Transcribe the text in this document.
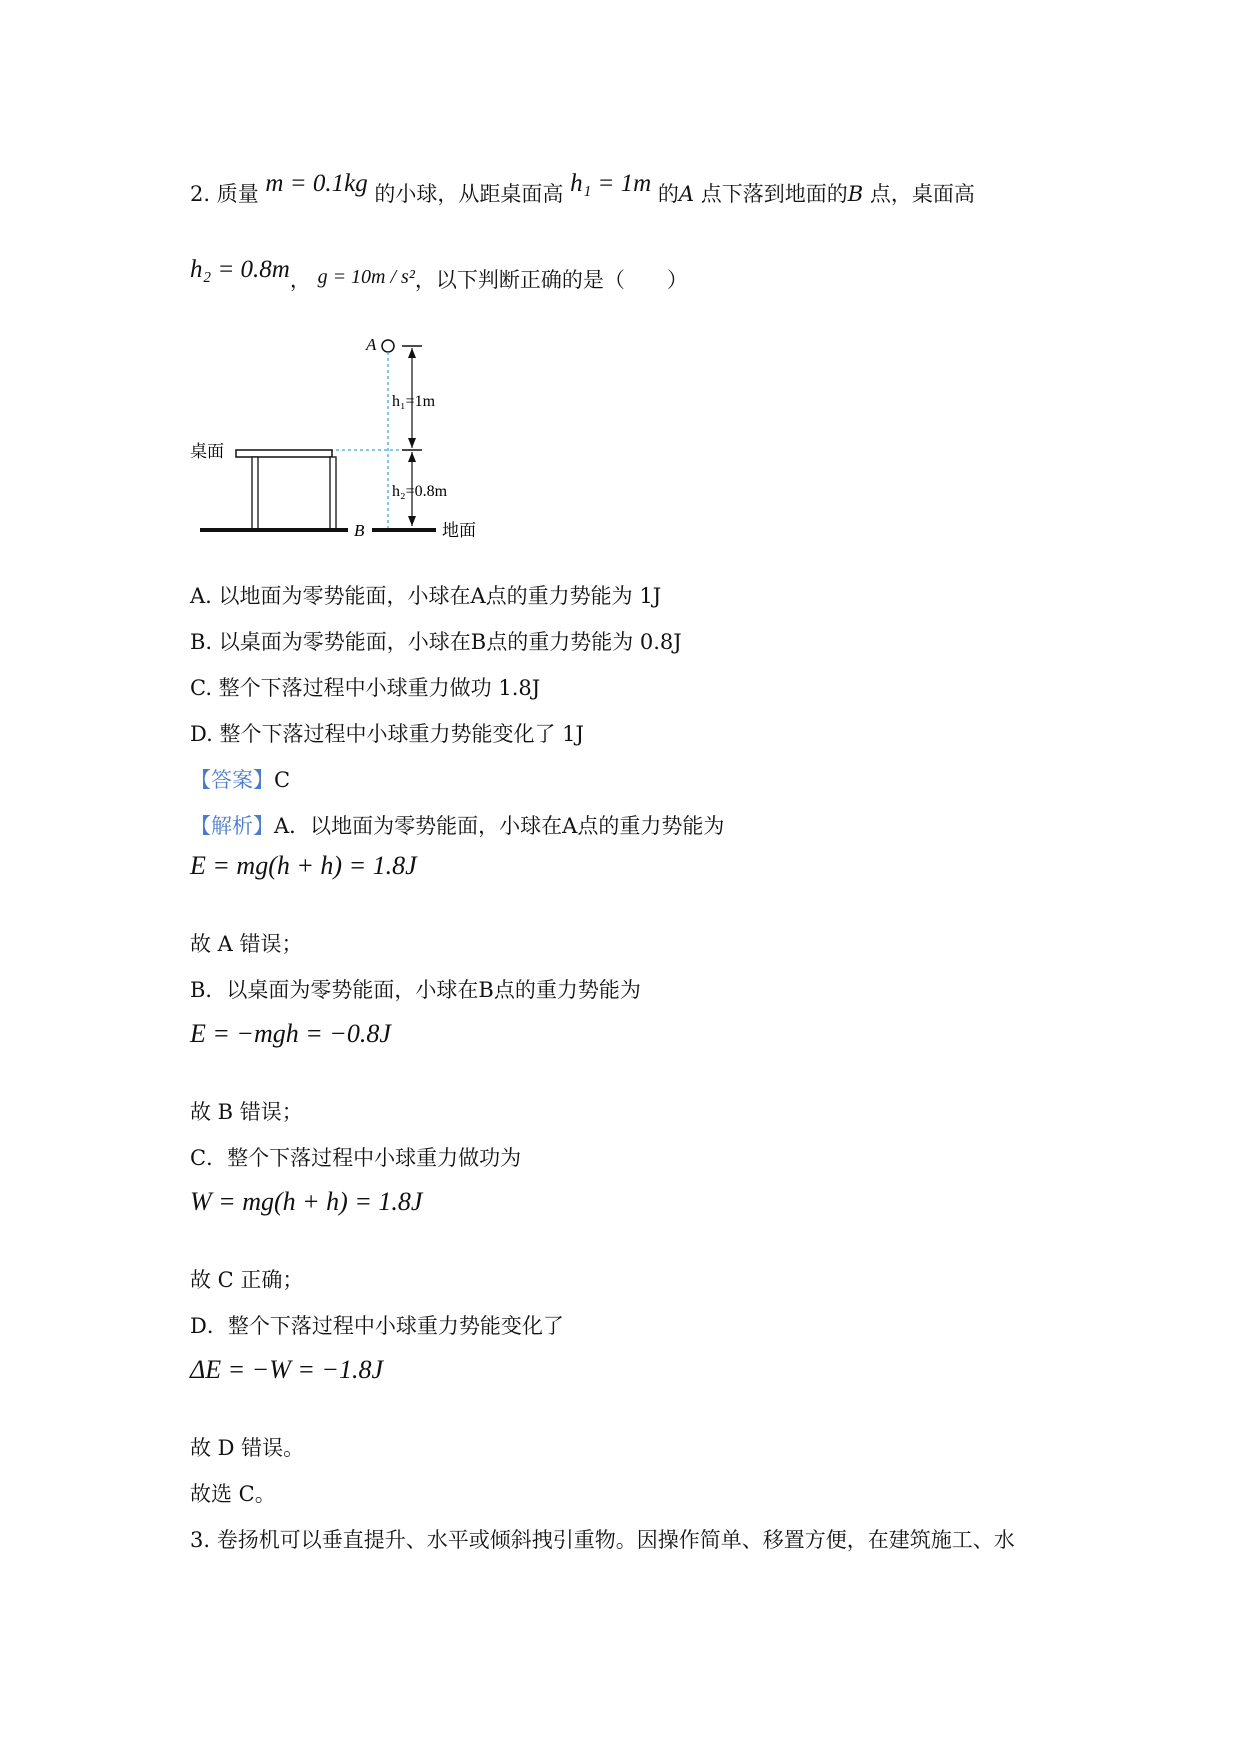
2. 质量 m = 0.1kg 的小球，从距桌面高 h₁ = 1m 的A 点下落到地面的B 点，桌面高
h₂ = 0.8m， g = 10m / s²，以下判断正确的是（　　）
A
h₁=1m
h₂=0.8m
桌面
B	地面
A. 以地面为零势能面，小球在A点的重力势能为 1J
B. 以桌面为零势能面，小球在B点的重力势能为 0.8J
C. 整个下落过程中小球重力做功 1.8J
D. 整个下落过程中小球重力势能变化了 1J
【答案】C
【解析】A．以地面为零势能面，小球在A点的重力势能为
E = mg(h + h) = 1.8J
故 A 错误；
B．以桌面为零势能面，小球在B点的重力势能为
E = −mgh = −0.8J
故 B 错误；
C．整个下落过程中小球重力做功为
W = mg(h + h) = 1.8J
故 C 正确；
D．整个下落过程中小球重力势能变化了
ΔE = −W = −1.8J
故 D 错误。
故选 C。
3. 卷扬机可以垂直提升、水平或倾斜拽引重物。因操作简单、移置方便，在建筑施工、水
